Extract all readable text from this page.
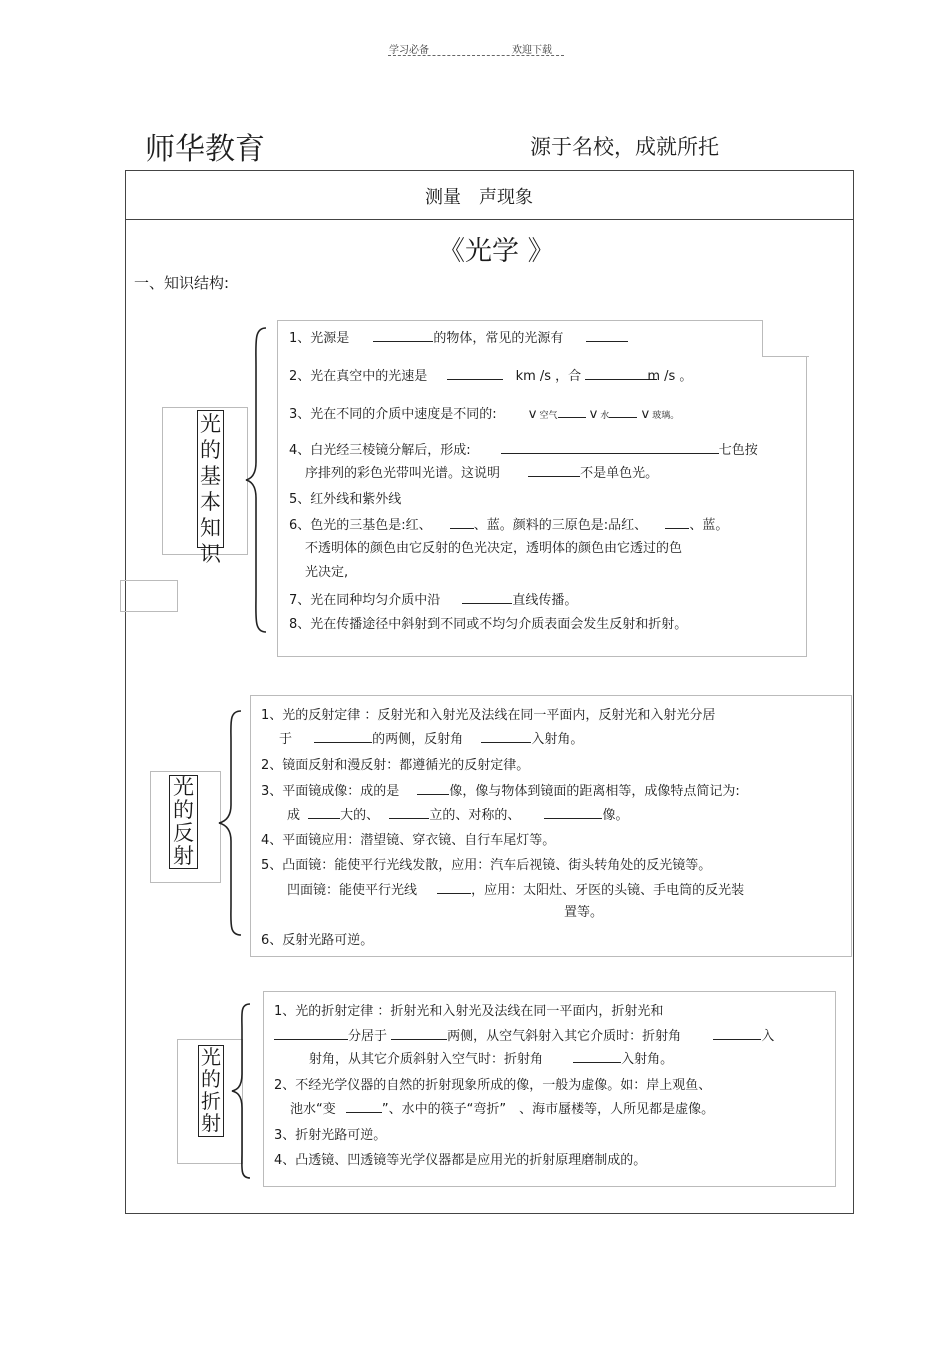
学习必备	欢迎下载
师华教育	源于名校，成就所托
测量　声现象
《光学 》
一、知识结构:
光
的
基
本
知
识
1、光源是	的物体，常见的光源有
2、光在真空中的光速是	km /s ，合	m /s 。
3、光在不同的介质中速度是不同的: v 空气 v 水 v 玻璃。
4、白光经三棱镜分解后，形成:	七色按
序排列的彩色光带叫光谱。这说明	不是单色光。
5、红外线和紫外线
6、色光的三基色是:红、	、蓝。颜料的三原色是:品红、	、蓝。
不透明体的颜色由它反射的色光决定，透明体的颜色由它透过的色
光决定,
7、光在同种均匀介质中沿	直线传播。
8、光在传播途径中斜射到不同或不均匀介质表面会发生反射和折射。
光
的
反
射
1、光的反射定律 ：反射光和入射光及法线在同一平面内，反射光和入射光分居
于	的两侧，反射角	入射角。
2、镜面反射和漫反射：都遵循光的反射定律。
3、平面镜成像：成的是	像，像与物体到镜面的距离相等，成像特点简记为:
成	大的、	立的、对称的、	像。
4、平面镜应用：潜望镜、穿衣镜、自行车尾灯等。
5、凸面镜：能使平行光线发散，应用：汽车后视镜、街头转角处的反光镜等。
凹面镜：能使平行光线	，应用：太阳灶、牙医的头镜、手电筒的反光装
置等。
6、反射光路可逆。
光
的
折
射
1、光的折射定律 ：折射光和入射光及法线在同一平面内，折射光和
分居于	两侧，从空气斜射入其它介质时：折射角	入
射角，从其它介质斜射入空气时：折射角	入射角。
2、不经光学仪器的自然的折射现象所成的像，一般为虚像。如：岸上观鱼、
池水“变	”、水中的筷子“弯折”　、海市蜃楼等，人所见都是虚像。
3、折射光路可逆。
4、凸透镜、凹透镜等光学仪器都是应用光的折射原理磨制成的。
